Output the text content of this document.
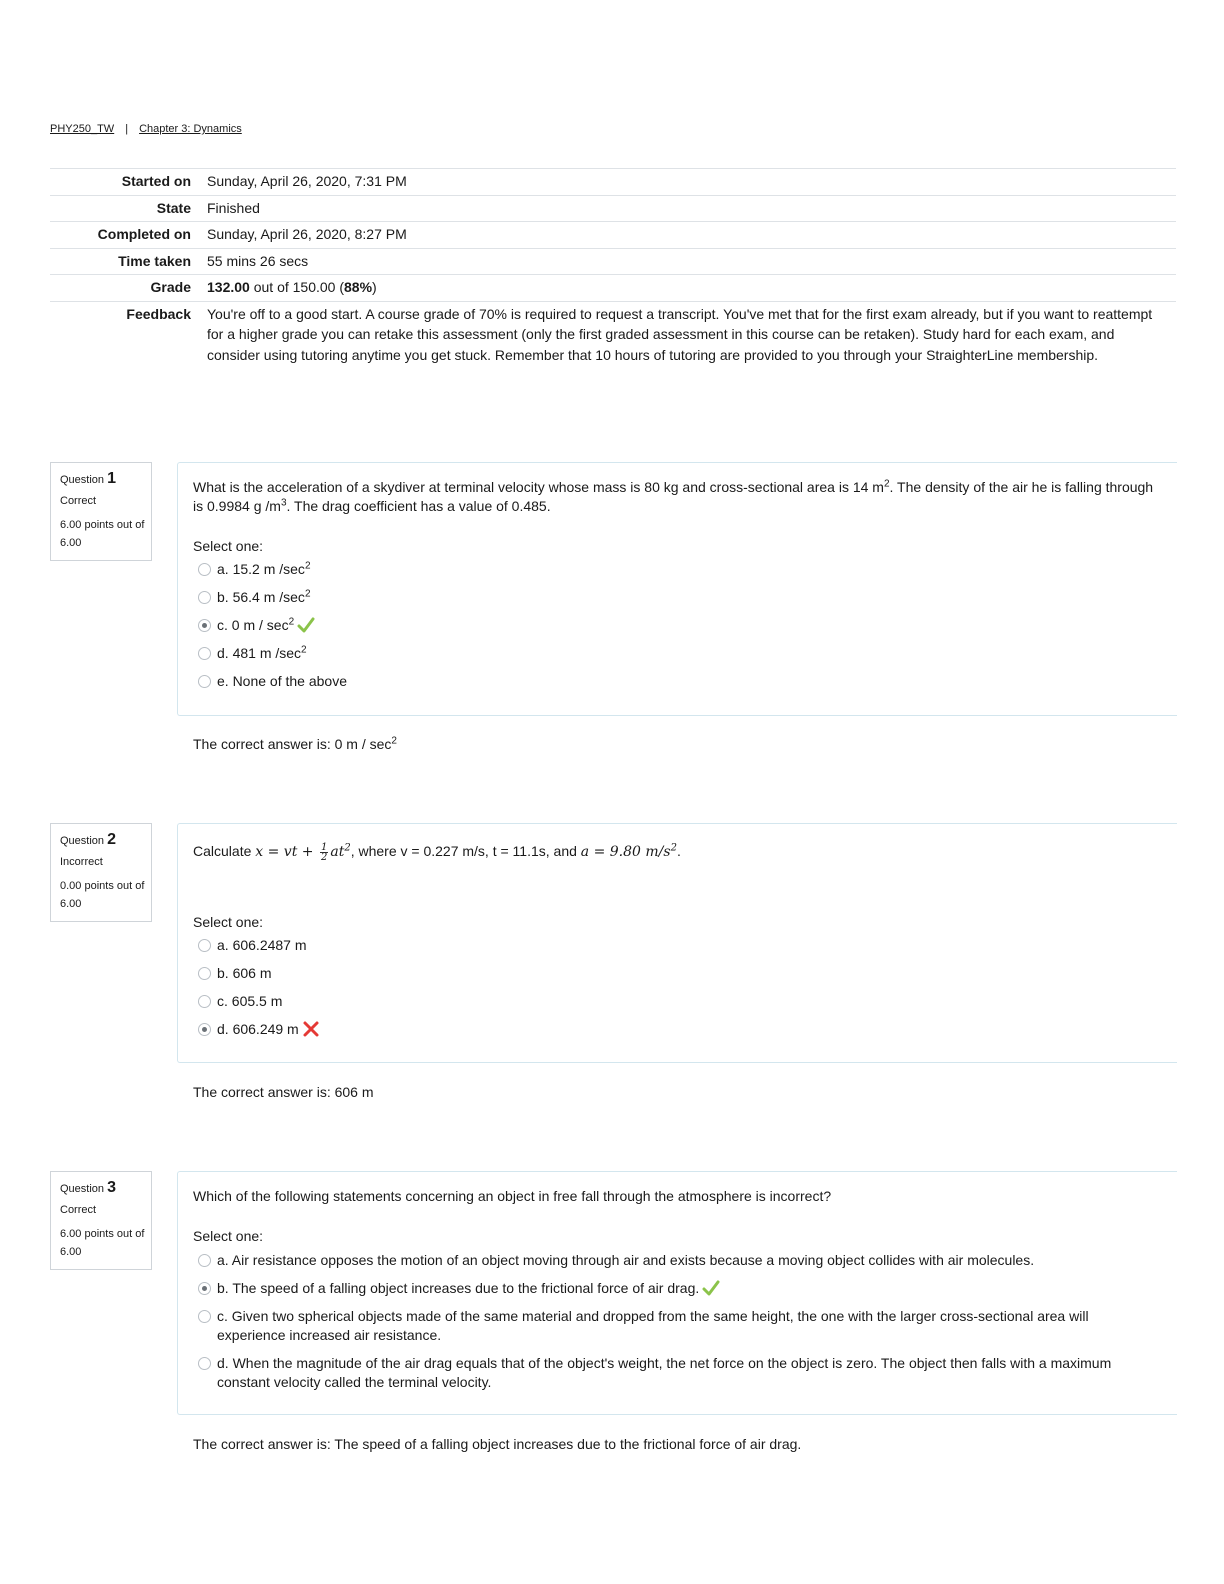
PHY250_TW | Chapter 3: Dynamics
Started on	Sunday, April 26, 2020, 7:31 PM
State	Finished
Completed on	Sunday, April 26, 2020, 8:27 PM
Time taken	55 mins 26 secs
Grade	132.00 out of 150.00 (88%)
Feedback	You're off to a good start. A course grade of 70% is required to request a transcript. You've met that for the first exam already, but if you want to reattempt for a higher grade you can retake this assessment (only the first graded assessment in this course can be retaken). Study hard for each exam, and consider using tutoring anytime you get stuck. Remember that 10 hours of tutoring are provided to you through your StraighterLine membership.
Question 1
Correct
6.00 points out of 6.00
What is the acceleration of a skydiver at terminal velocity whose mass is 80 kg and cross-sectional area is 14 $m^2$. The density of the air he is falling through is 0.9984 g $/m^3$. The drag coefficient has a value of 0.485.
Select one:
a. 15.2 m $/\sec^2$
b. 56.4 m $/\sec^2$
c. 0 m / $\sec^2$
d. 481 m $/\sec^2$
e. None of the above
The correct answer is: 0 m / $\sec^2$
Question 2
Incorrect
0.00 points out of 6.00
Calculate x = vt + $\frac{1}{2} at^2$, where v = 0.227 m/s, t = 11.1s, and a = 9.80 $m/s^2$.
Select one:
a. 606.2487 m
b. 606 m
c. 605.5 m
d. 606.249 m
The correct answer is: 606 m
Question 3
Correct
6.00 points out of 6.00
Which of the following statements concerning an object in free fall through the atmosphere is incorrect?
Select one:
a. Air resistance opposes the motion of an object moving through air and exists because a moving object collides with air molecules.
b. The speed of a falling object increases due to the frictional force of air drag.
c. Given two spherical objects made of the same material and dropped from the same height, the one with the larger cross-sectional area will experience increased air resistance.
d. When the magnitude of the air drag equals that of the object's weight, the net force on the object is zero. The object then falls with a maximum constant velocity called the terminal velocity.
The correct answer is: The speed of a falling object increases due to the frictional force of air drag.
